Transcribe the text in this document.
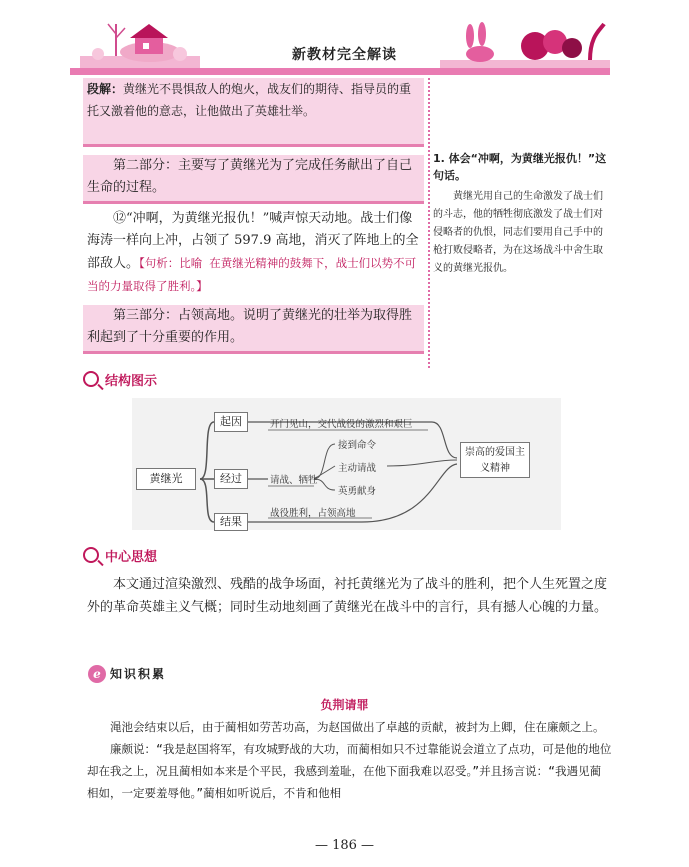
新教材完全解读
段解：黄继光不畏惧敌人的炮火，战友们的期待、指导员的重托又激着他的意志，让他做出了英雄壮举。
第二部分：主要写了黄继光为了完成任务献出了自己生命的过程。
⑫“冲啊，为黄继光报仇！”喊声惊天动地。战士们像海涛一样向上冲，占领了 597.9 高地，消灭了阵地上的全部敌人。【句析：比喻 在黄继光精神的鼓舞下，战士们以势不可当的力量取得了胜利。】
第三部分：占领高地。说明了黄继光的壮举为取得胜利起到了十分重要的作用。
1. 体会“冲啊，为黄继光报仇！”这句话。
黄继光用自己的生命激发了战士们的斗志，他的牺牲彻底激发了战士们对侵略者的仇恨，同志们要用自己手中的枪打败侵略者，为在这场战斗中舍生取义的黄继光报仇。
结构图示
黄继光
起因
经过
结果
开门见山，交代战役的激烈和艰巨
请战、牺牲
接到命令
主动请战
英勇献身
战役胜利，占领高地
崇高的爱国主义精神
中心思想
本文通过渲染激烈、残酷的战争场面，衬托黄继光为了战斗的胜利，把个人生死置之度外的革命英雄主义气概；同时生动地刻画了黄继光在战斗中的言行，具有撼人心魄的力量。
e 知识积累
负荆请罪

渑池会结束以后，由于蔺相如劳苦功高，为赵国做出了卓越的贡献，被封为上卿，住在廉颇之上。

廉颇说：“我是赵国将军，有攻城野战的大功，而蔺相如只不过靠能说会道立了点功，可是他的地位却在我之上，况且蔺相如本来是个平民，我感到羞耻，在他下面我难以忍受。”并且扬言说：“我遇见蔺相如，一定要羞辱他。”蔺相如听说后，不肯和他相

— 186 —
